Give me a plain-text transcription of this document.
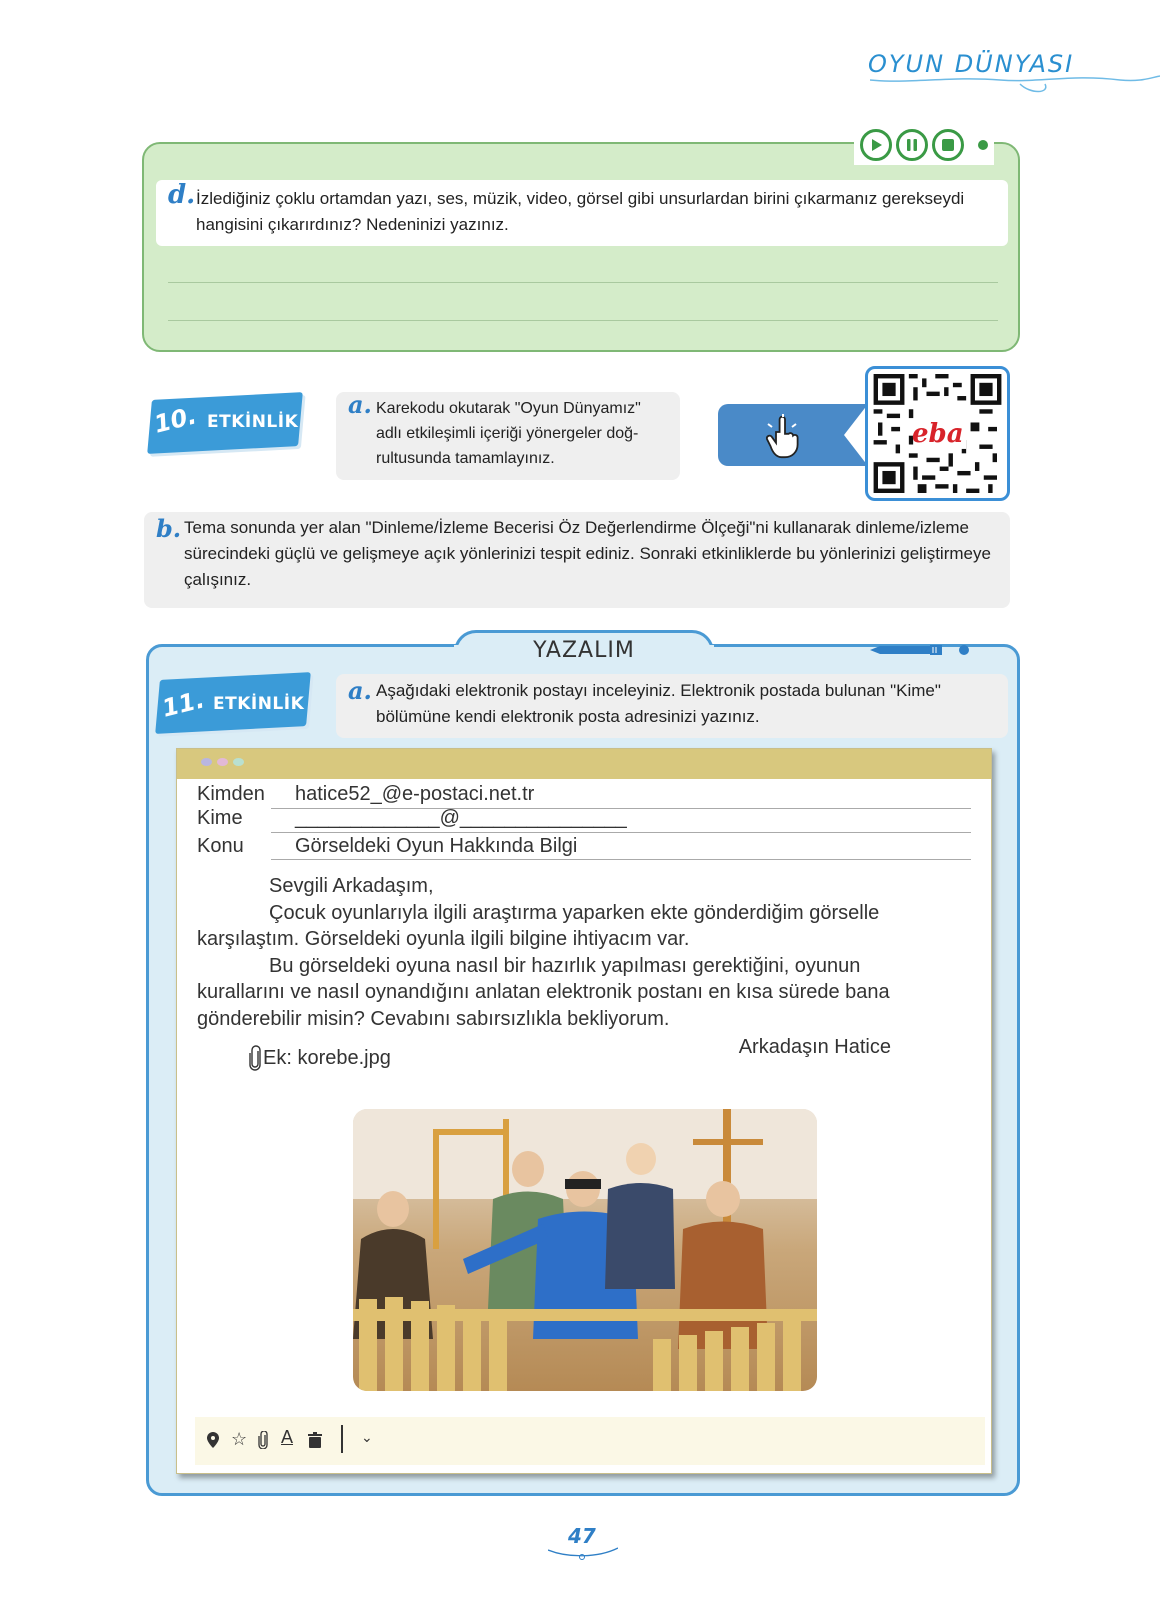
OYUN DÜNYASI
d. İzlediğiniz çoklu ortamdan yazı, ses, müzik, video, görsel gibi unsurlardan birini çıkarmanız gerekseydi hangisini çıkarırdınız? Nedeninizi yazınız.
10. ETKİNLİK
a. Karekodu okutarak "Oyun Dünyamız" adlı etkileşimli içeriği yönergeler doğ-rultusunda tamamlayınız.
eba
b. Tema sonunda yer alan "Dinleme/İzleme Becerisi Öz Değerlendirme Ölçeği"ni kullanarak dinleme/izleme sürecindeki güçlü ve gelişmeye açık yönlerinizi tespit ediniz. Sonraki etkinliklerde bu yönlerinizi geliştirmeye çalışınız.
YAZALIM
11. ETKİNLİK a. Aşağıdaki elektronik postayı inceleyiniz. Elektronik postada bulunan "Kime" bölümüne kendi elektronik posta adresinizi yazınız.
Kimden hatice52_@e-postaci.net.tr
Kime	_____________@_______________
Konu	Görseldeki Oyun Hakkında Bilgi
Sevgili Arkadaşım,
Çocuk oyunlarıyla ilgili araştırma yaparken ekte gönderdiğim görselle karşılaştım. Görseldeki oyunla ilgili bilgine ihtiyacım var.
Bu görseldeki oyuna nasıl bir hazırlık yapılması gerektiğini, oyunun kurallarını ve nasıl oynandığını anlatan elektronik postanı en kısa sürede bana gönderebilir misin? Cevabını sabırsızlıkla bekliyorum.
Arkadaşın Hatice
Ek: korebe.jpg
☆ A	⌄
47
